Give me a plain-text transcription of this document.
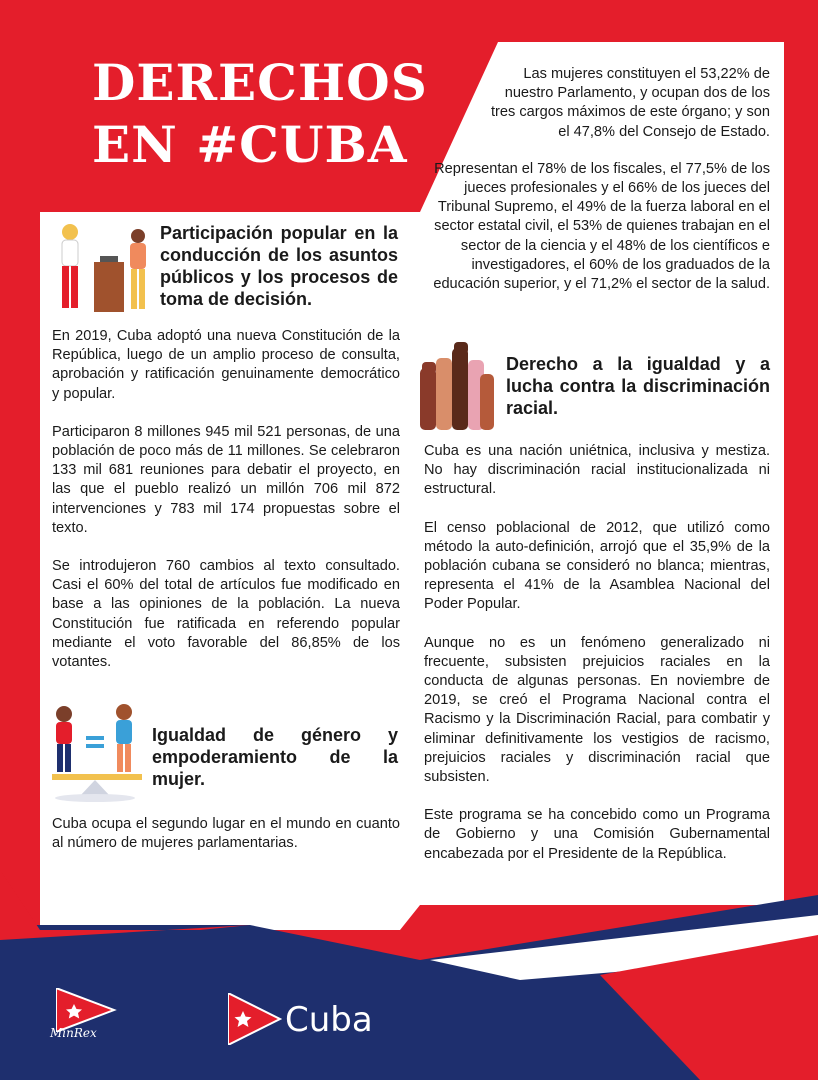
DERECHOS
EN #CUBA

Las mujeres constituyen el 53,22% de nuestro Parlamento, y ocupan dos de los tres cargos máximos de este órgano; y son el 47,8% del Consejo de Estado.

Representan el 78% de los fiscales, el 77,5% de los jueces profesionales y el 66% de los jueces del Tribunal Supremo, el 49% de la fuerza laboral en el sector estatal civil, el 53% de quienes trabajan en el sector de la ciencia y el 48% de los científicos e investigadores, el 60% de los graduados de la educación superior, y el 71,2% el sector de la salud.

Derecho a la igualdad y a lucha contra la discriminación racial.

Cuba es una nación uniétnica, inclusiva y mestiza. No hay discriminación racial institucionalizada ni estructural.

El censo poblacional de 2012, que utilizó como método la auto-definición, arrojó que el 35,9% de la población cubana se consideró no blanca; mientras, representa el 41% de la Asamblea Nacional del Poder Popular.

Aunque no es un fenómeno generalizado ni frecuente, subsisten prejuicios raciales en la conducta de algunas personas. En noviembre de 2019, se creó el Programa Nacional contra el Racismo y la Discriminación Racial, para combatir y eliminar definitivamente los vestigios de racismo, prejuicios raciales y discriminación racial que subsisten.

Este programa se ha concebido como un Programa de Gobierno y una Comisión Gubernamental encabezada por el Presidente de la República.

Participación popular en la conducción de los asuntos públicos y los procesos de toma de decisión.

En 2019, Cuba adoptó una nueva Constitución de la República, luego de un amplio proceso de consulta, aprobación y ratificación genuinamente democrático y popular.

Participaron 8 millones 945 mil 521 personas, de una población de poco más de 11 millones. Se celebraron 133 mil 681 reuniones para debatir el proyecto, en las que el pueblo realizó un millón 706 mil 872 intervenciones y 783 mil 174 propuestas sobre el texto.

Se introdujeron 760 cambios al texto consultado. Casi el 60% del total de artículos fue modificado en base a las opiniones de la población. La nueva Constitución fue ratificada en referendo popular mediante el voto favorable del 86,85% de los votantes.

Igualdad de género y empoderamiento de la mujer.

Cuba ocupa el segundo lugar en el mundo en cuanto al número de mujeres parlamentarias.

MinRex	Cuba
